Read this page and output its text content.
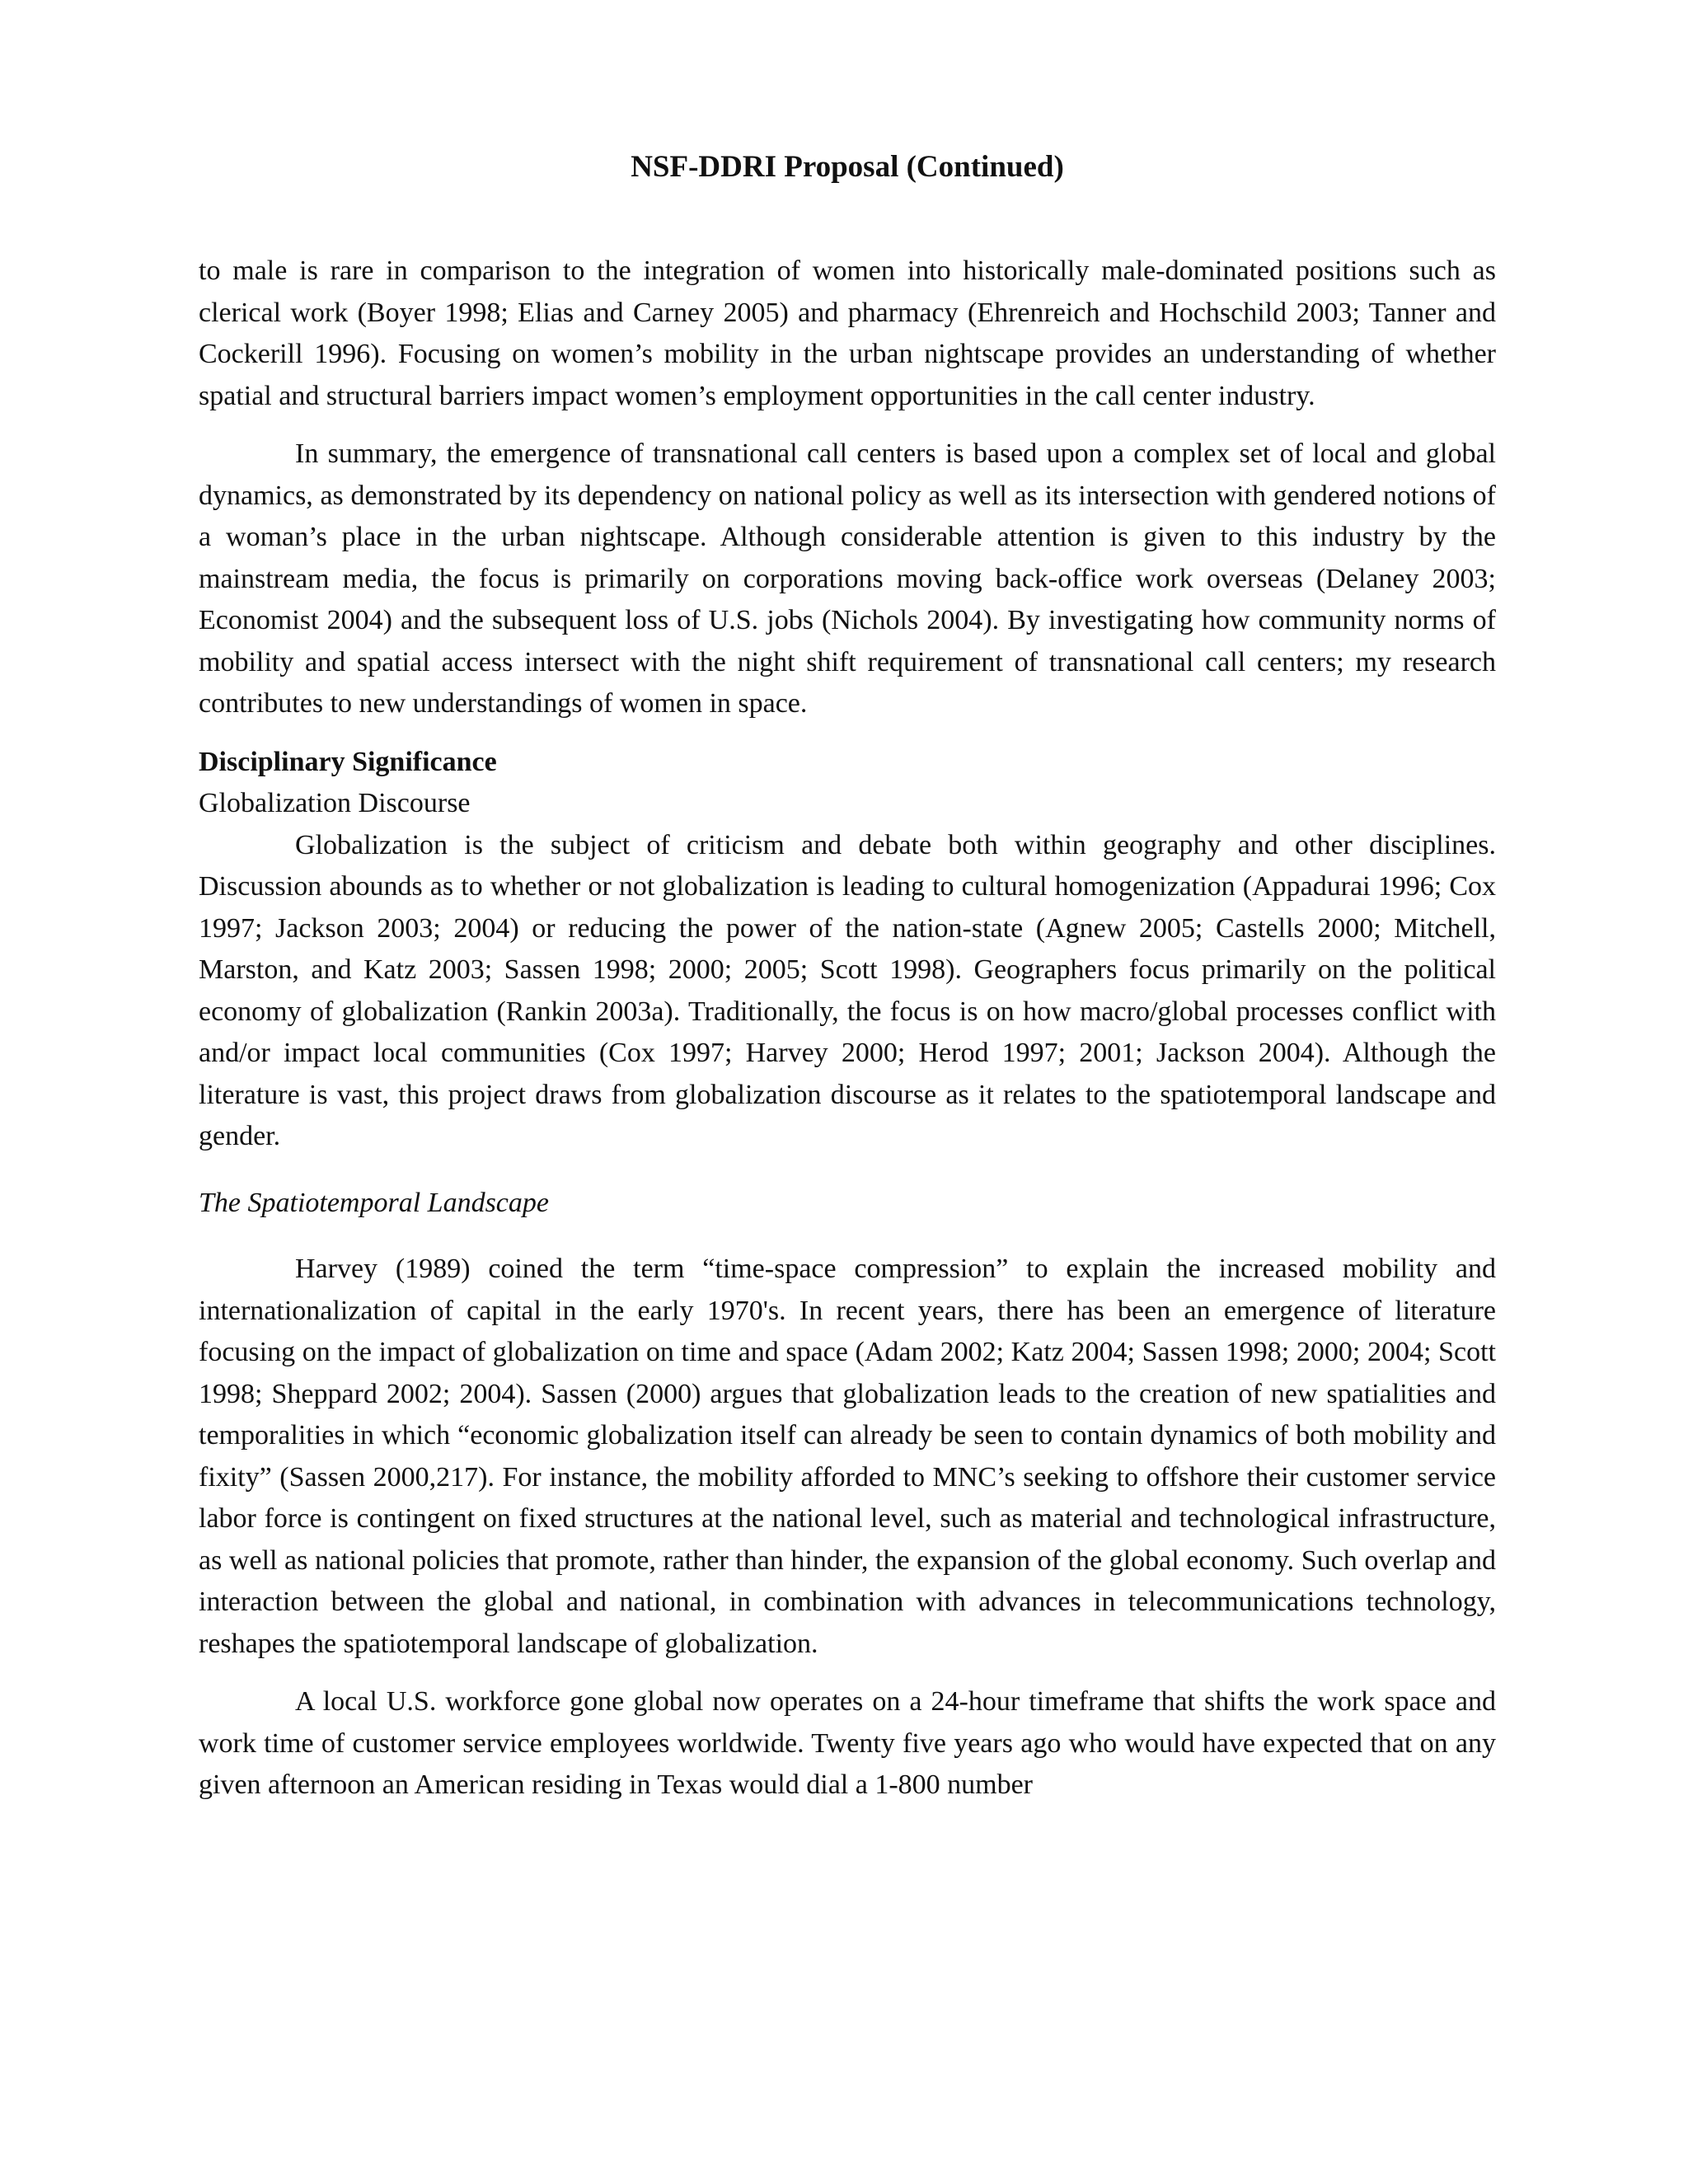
NSF-DDRI Proposal (Continued)

to male is rare in comparison to the integration of women into historically male-dominated positions such as clerical work (Boyer 1998; Elias and Carney 2005) and pharmacy (Ehrenreich and Hochschild 2003; Tanner and Cockerill 1996). Focusing on women’s mobility in the urban nightscape provides an understanding of whether spatial and structural barriers impact women’s employment opportunities in the call center industry.

In summary, the emergence of transnational call centers is based upon a complex set of local and global dynamics, as demonstrated by its dependency on national policy as well as its intersection with gendered notions of a woman’s place in the urban nightscape. Although considerable attention is given to this industry by the mainstream media, the focus is primarily on corporations moving back-office work overseas (Delaney 2003; Economist 2004) and the subsequent loss of U.S. jobs (Nichols 2004). By investigating how community norms of mobility and spatial access intersect with the night shift requirement of transnational call centers; my research contributes to new understandings of women in space.

Disciplinary Significance

Globalization Discourse

Globalization is the subject of criticism and debate both within geography and other disciplines. Discussion abounds as to whether or not globalization is leading to cultural homogenization (Appadurai 1996; Cox 1997; Jackson 2003; 2004) or reducing the power of the nation-state (Agnew 2005; Castells 2000; Mitchell, Marston, and Katz 2003; Sassen 1998; 2000; 2005; Scott 1998). Geographers focus primarily on the political economy of globalization (Rankin 2003a). Traditionally, the focus is on how macro/global processes conflict with and/or impact local communities (Cox 1997; Harvey 2000; Herod 1997; 2001; Jackson 2004). Although the literature is vast, this project draws from globalization discourse as it relates to the spatiotemporal landscape and gender.

The Spatiotemporal Landscape

Harvey (1989) coined the term “time-space compression” to explain the increased mobility and internationalization of capital in the early 1970's. In recent years, there has been an emergence of literature focusing on the impact of globalization on time and space (Adam 2002; Katz 2004; Sassen 1998; 2000; 2004; Scott 1998; Sheppard 2002; 2004). Sassen (2000) argues that globalization leads to the creation of new spatialities and temporalities in which “economic globalization itself can already be seen to contain dynamics of both mobility and fixity” (Sassen 2000,217). For instance, the mobility afforded to MNC’s seeking to offshore their customer service labor force is contingent on fixed structures at the national level, such as material and technological infrastructure, as well as national policies that promote, rather than hinder, the expansion of the global economy. Such overlap and interaction between the global and national, in combination with advances in telecommunications technology, reshapes the spatiotemporal landscape of globalization.

A local U.S. workforce gone global now operates on a 24-hour timeframe that shifts the work space and work time of customer service employees worldwide. Twenty five years ago who would have expected that on any given afternoon an American residing in Texas would dial a 1-800 number
